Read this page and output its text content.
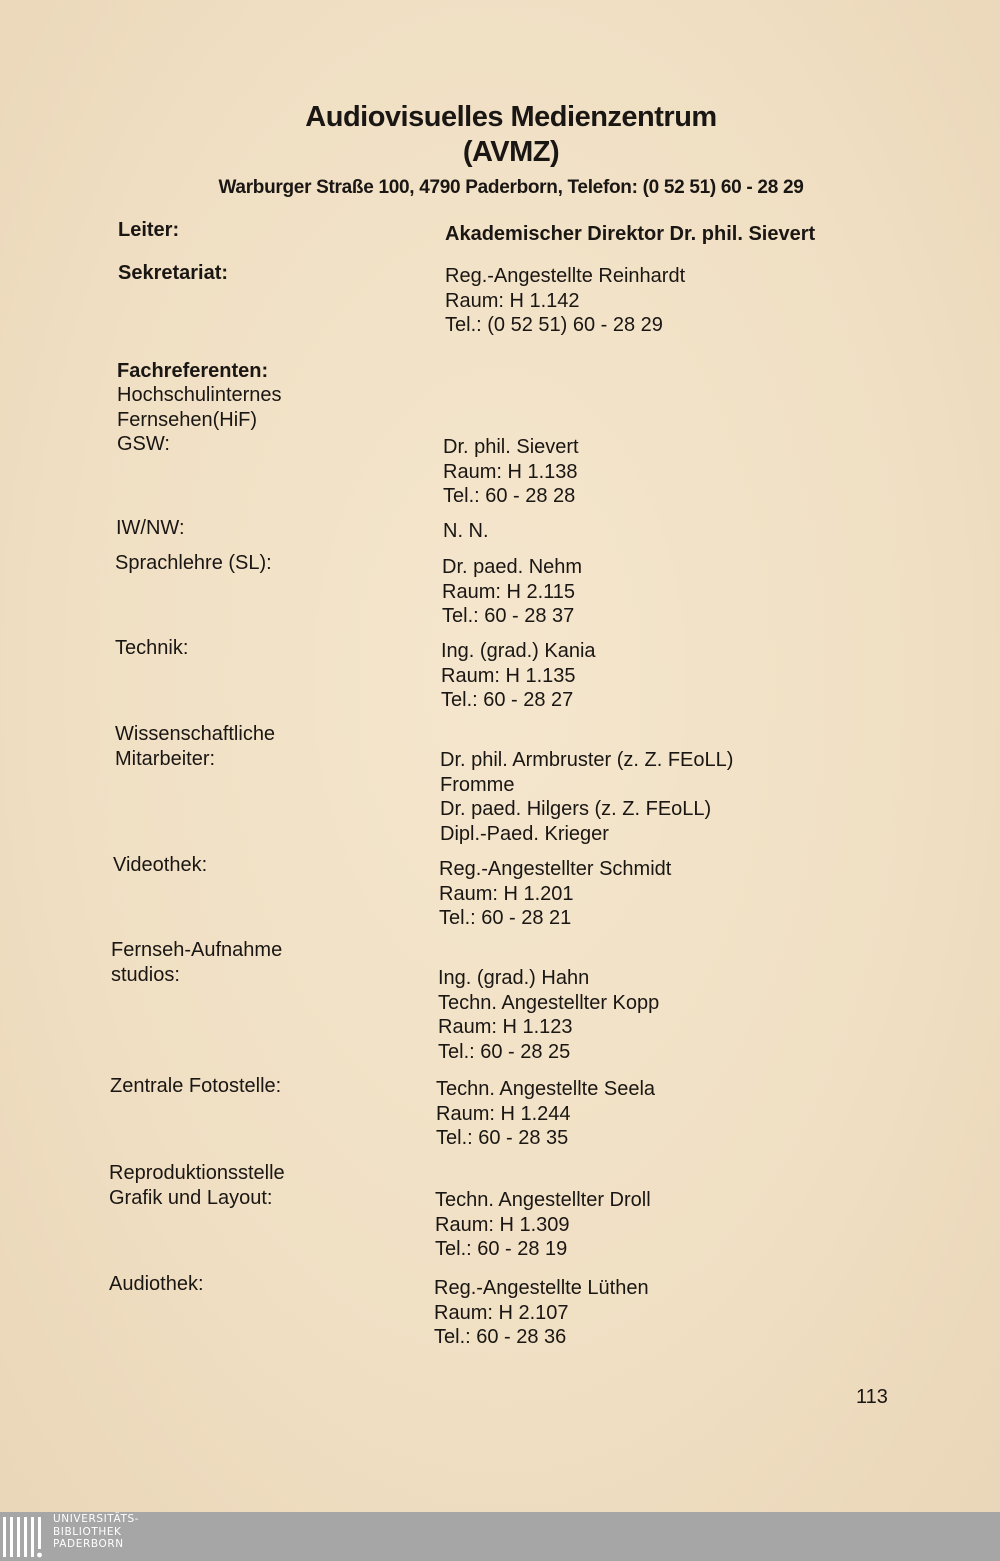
Audiovisuelles Medienzentrum
(AVMZ)
Warburger Straße 100, 4790 Paderborn, Telefon: (0 52 51) 60 - 28 29
Leiter:	Akademischer Direktor Dr. phil. Sievert
Sekretariat:	Reg.-Angestellte Reinhardt
Raum: H 1.142
Tel.: (0 52 51) 60 - 28 29
Fachreferenten:
Hochschulinternes
Fernsehen(HiF)
GSW:	Dr. phil. Sievert
Raum: H 1.138
Tel.: 60 - 28 28
IW/NW:	N. N.
Sprachlehre (SL):	Dr. paed. Nehm
Raum: H 2.115
Tel.: 60 - 28 37
Technik:	Ing. (grad.) Kania
Raum: H 1.135
Tel.: 60 - 28 27
Wissenschaftliche
Mitarbeiter:	Dr. phil. Armbruster (z. Z. FEoLL)
Fromme
Dr. paed. Hilgers (z. Z. FEoLL)
Dipl.-Paed. Krieger
Videothek:	Reg.-Angestellter Schmidt
Raum: H 1.201
Tel.: 60 - 28 21
Fernseh-Aufnahme
studios:	Ing. (grad.) Hahn
Techn. Angestellter Kopp
Raum: H 1.123
Tel.: 60 - 28 25
Zentrale Fotostelle:	Techn. Angestellte Seela
Raum: H 1.244
Tel.: 60 - 28 35
Reproduktionsstelle
Grafik und Layout:	Techn. Angestellter Droll
Raum: H 1.309
Tel.: 60 - 28 19
Audiothek:	Reg.-Angestellte Lüthen
Raum: H 2.107
Tel.: 60 - 28 36
113
UNIVERSITÄTS-
BIBLIOTHEK
PADERBORN
